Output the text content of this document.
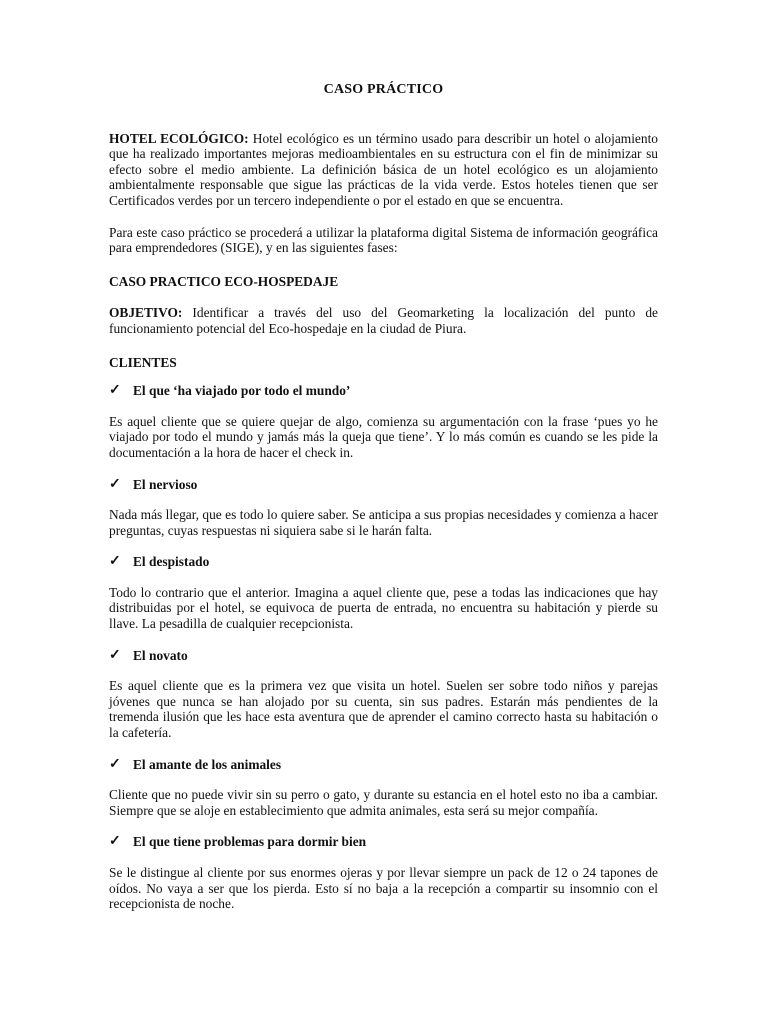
CASO PRÁCTICO

HOTEL ECOLÓGICO: Hotel ecológico es un término usado para describir un hotel o alojamiento que ha realizado importantes mejoras medioambientales en su estructura con el fin de minimizar su efecto sobre el medio ambiente. La definición básica de un hotel ecológico es un alojamiento ambientalmente responsable que sigue las prácticas de la vida verde. Estos hoteles tienen que ser Certificados verdes por un tercero independiente o por el estado en que se encuentra.

Para este caso práctico se procederá a utilizar la plataforma digital Sistema de información geográfica para emprendedores (SIGE), y en las siguientes fases:

CASO PRACTICO ECO-HOSPEDAJE

OBJETIVO: Identificar a través del uso del Geomarketing la localización del punto de funcionamiento potencial del Eco-hospedaje en la ciudad de Piura.

CLIENTES
✓ El que ‘ha viajado por todo el mundo’

Es aquel cliente que se quiere quejar de algo, comienza su argumentación con la frase ‘pues yo he viajado por todo el mundo y jamás más la queja que tiene’. Y lo más común es cuando se les pide la documentación a la hora de hacer el check in.

✓ El nervioso

Nada más llegar, que es todo lo quiere saber. Se anticipa a sus propias necesidades y comienza a hacer preguntas, cuyas respuestas ni siquiera sabe si le harán falta.

✓ El despistado

Todo lo contrario que el anterior. Imagina a aquel cliente que, pese a todas las indicaciones que hay distribuidas por el hotel, se equivoca de puerta de entrada, no encuentra su habitación y pierde su llave. La pesadilla de cualquier recepcionista.

✓ El novato

Es aquel cliente que es la primera vez que visita un hotel. Suelen ser sobre todo niños y parejas jóvenes que nunca se han alojado por su cuenta, sin sus padres. Estarán más pendientes de la tremenda ilusión que les hace esta aventura que de aprender el camino correcto hasta su habitación o la cafetería.

✓ El amante de los animales

Cliente que no puede vivir sin su perro o gato, y durante su estancia en el hotel esto no iba a cambiar. Siempre que se aloje en establecimiento que admita animales, esta será su mejor compañía.

✓ El que tiene problemas para dormir bien

Se le distingue al cliente por sus enormes ojeras y por llevar siempre un pack de 12 o 24 tapones de oídos. No vaya a ser que los pierda. Esto sí no baja a la recepción a compartir su insomnio con el recepcionista de noche.
